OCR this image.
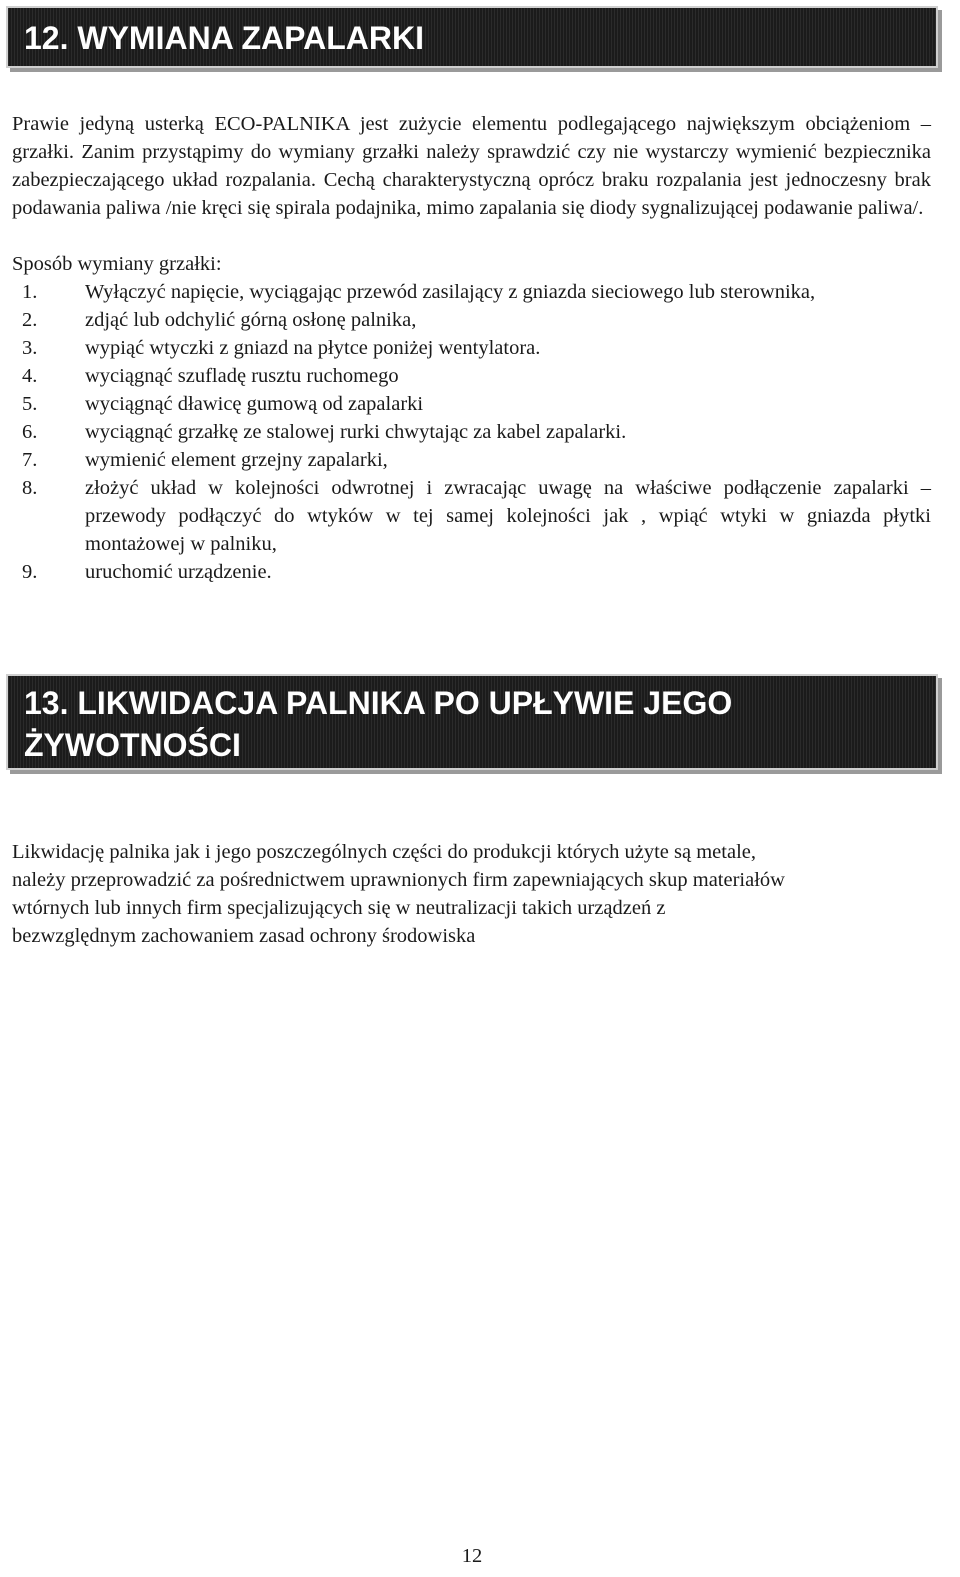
12. WYMIANA ZAPALARKI
Prawie jedyną usterką ECO-PALNIKA jest zużycie elementu podlegającego największym obciążeniom – grzałki. Zanim przystąpimy do wymiany grzałki należy sprawdzić czy nie wystarczy wymienić bezpiecznika zabezpieczającego układ rozpalania. Cechą charakterystyczną oprócz braku rozpalania jest jednoczesny brak podawania paliwa /nie kręci się spirala podajnika, mimo zapalania się diody sygnalizującej podawanie paliwa/.
Sposób wymiany grzałki:
1. Wyłączyć napięcie, wyciągając przewód zasilający z gniazda sieciowego lub sterownika,
2. zdjąć lub odchylić górną osłonę palnika,
3. wypiąć wtyczki z gniazd na płytce poniżej wentylatora.
4. wyciągnąć szufladę rusztu ruchomego
5. wyciągnąć dławicę gumową od zapalarki
6. wyciągnąć grzałkę ze stalowej rurki chwytając za kabel zapalarki.
7. wymienić element grzejny zapalarki,
8. złożyć układ w kolejności odwrotnej i zwracając uwagę na właściwe podłączenie zapalarki – przewody podłączyć do wtyków w tej samej kolejności jak , wpiąć wtyki w gniazda płytki montażowej w palniku,
9. uruchomić urządzenie.
13. LIKWIDACJA PALNIKA PO UPŁYWIE JEGO
ŻYWOTNOŚCI
Likwidację palnika jak i jego poszczególnych części do produkcji których użyte są metale,
należy przeprowadzić za pośrednictwem uprawnionych firm zapewniających skup materiałów
wtórnych lub innych firm specjalizujących się w neutralizacji takich urządzeń z
bezwzględnym zachowaniem zasad ochrony środowiska
12
